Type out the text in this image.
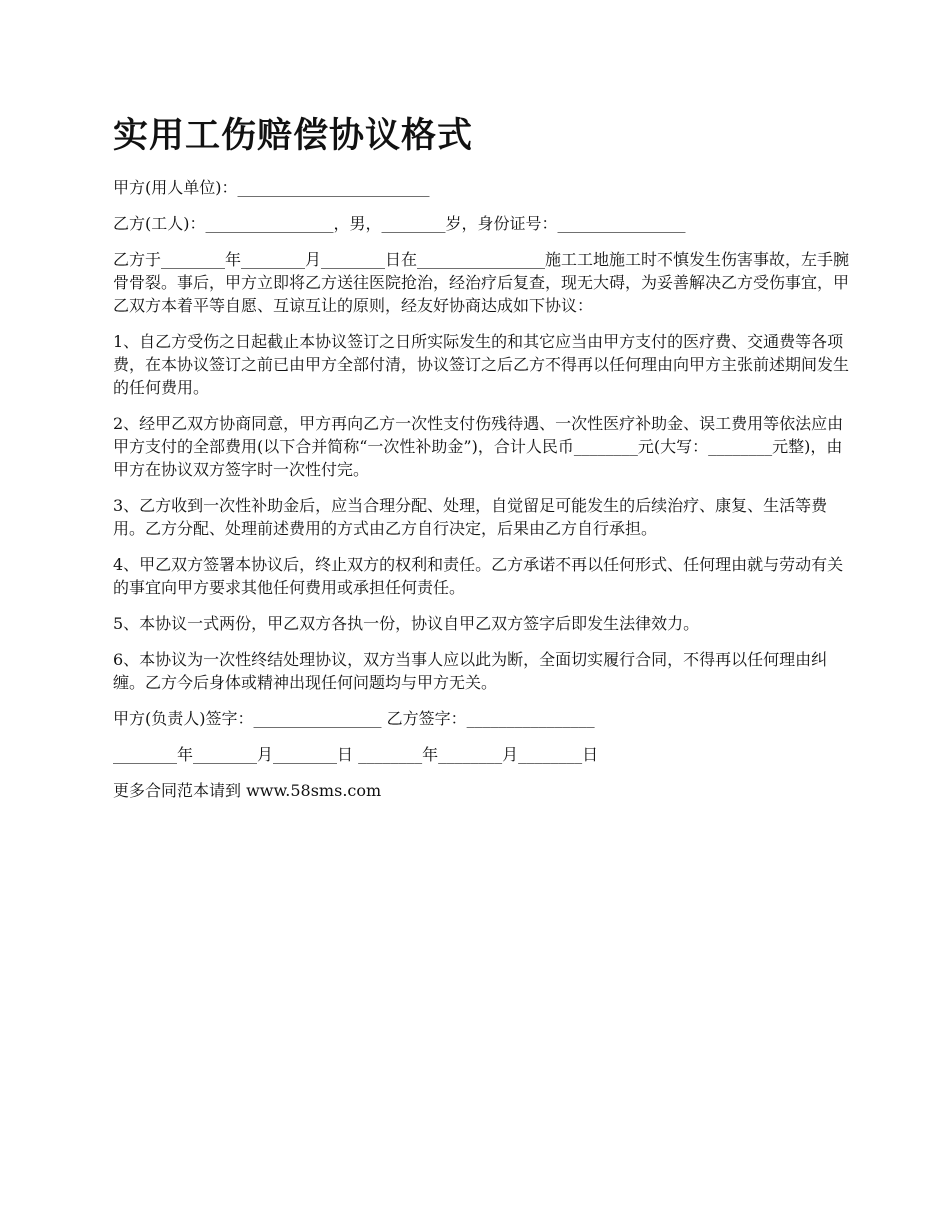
实用工伤赔偿协议格式

甲方(用人单位)：________________________

乙方(工人)：________________，男，________岁，身份证号：________________

乙方于________年________月________日在________________施工工地施工时不慎发生伤害事故，左手腕骨骨裂。事后，甲方立即将乙方送往医院抢治，经治疗后复查，现无大碍，为妥善解决乙方受伤事宜，甲乙双方本着平等自愿、互谅互让的原则，经友好协商达成如下协议：

1、自乙方受伤之日起截止本协议签订之日所实际发生的和其它应当由甲方支付的医疗费、交通费等各项费，在本协议签订之前已由甲方全部付清，协议签订之后乙方不得再以任何理由向甲方主张前述期间发生的任何费用。

2、经甲乙双方协商同意，甲方再向乙方一次性支付伤残待遇、一次性医疗补助金、误工费用等依法应由甲方支付的全部费用(以下合并简称“一次性补助金”)，合计人民币________元(大写：________元整)，由甲方在协议双方签字时一次性付完。

3、乙方收到一次性补助金后，应当合理分配、处理，自觉留足可能发生的后续治疗、康复、生活等费用。乙方分配、处理前述费用的方式由乙方自行决定，后果由乙方自行承担。

4、甲乙双方签署本协议后，终止双方的权利和责任。乙方承诺不再以任何形式、任何理由就与劳动有关的事宜向甲方要求其他任何费用或承担任何责任。

5、本协议一式两份，甲乙双方各执一份，协议自甲乙双方签字后即发生法律效力。

6、本协议为一次性终结处理协议，双方当事人应以此为断，全面切实履行合同，不得再以任何理由纠缠。乙方今后身体或精神出现任何问题均与甲方无关。

甲方(负责人)签字：________________ 乙方签字：________________

________年________月________日 ________年________月________日

更多合同范本请到 www.58sms.com
